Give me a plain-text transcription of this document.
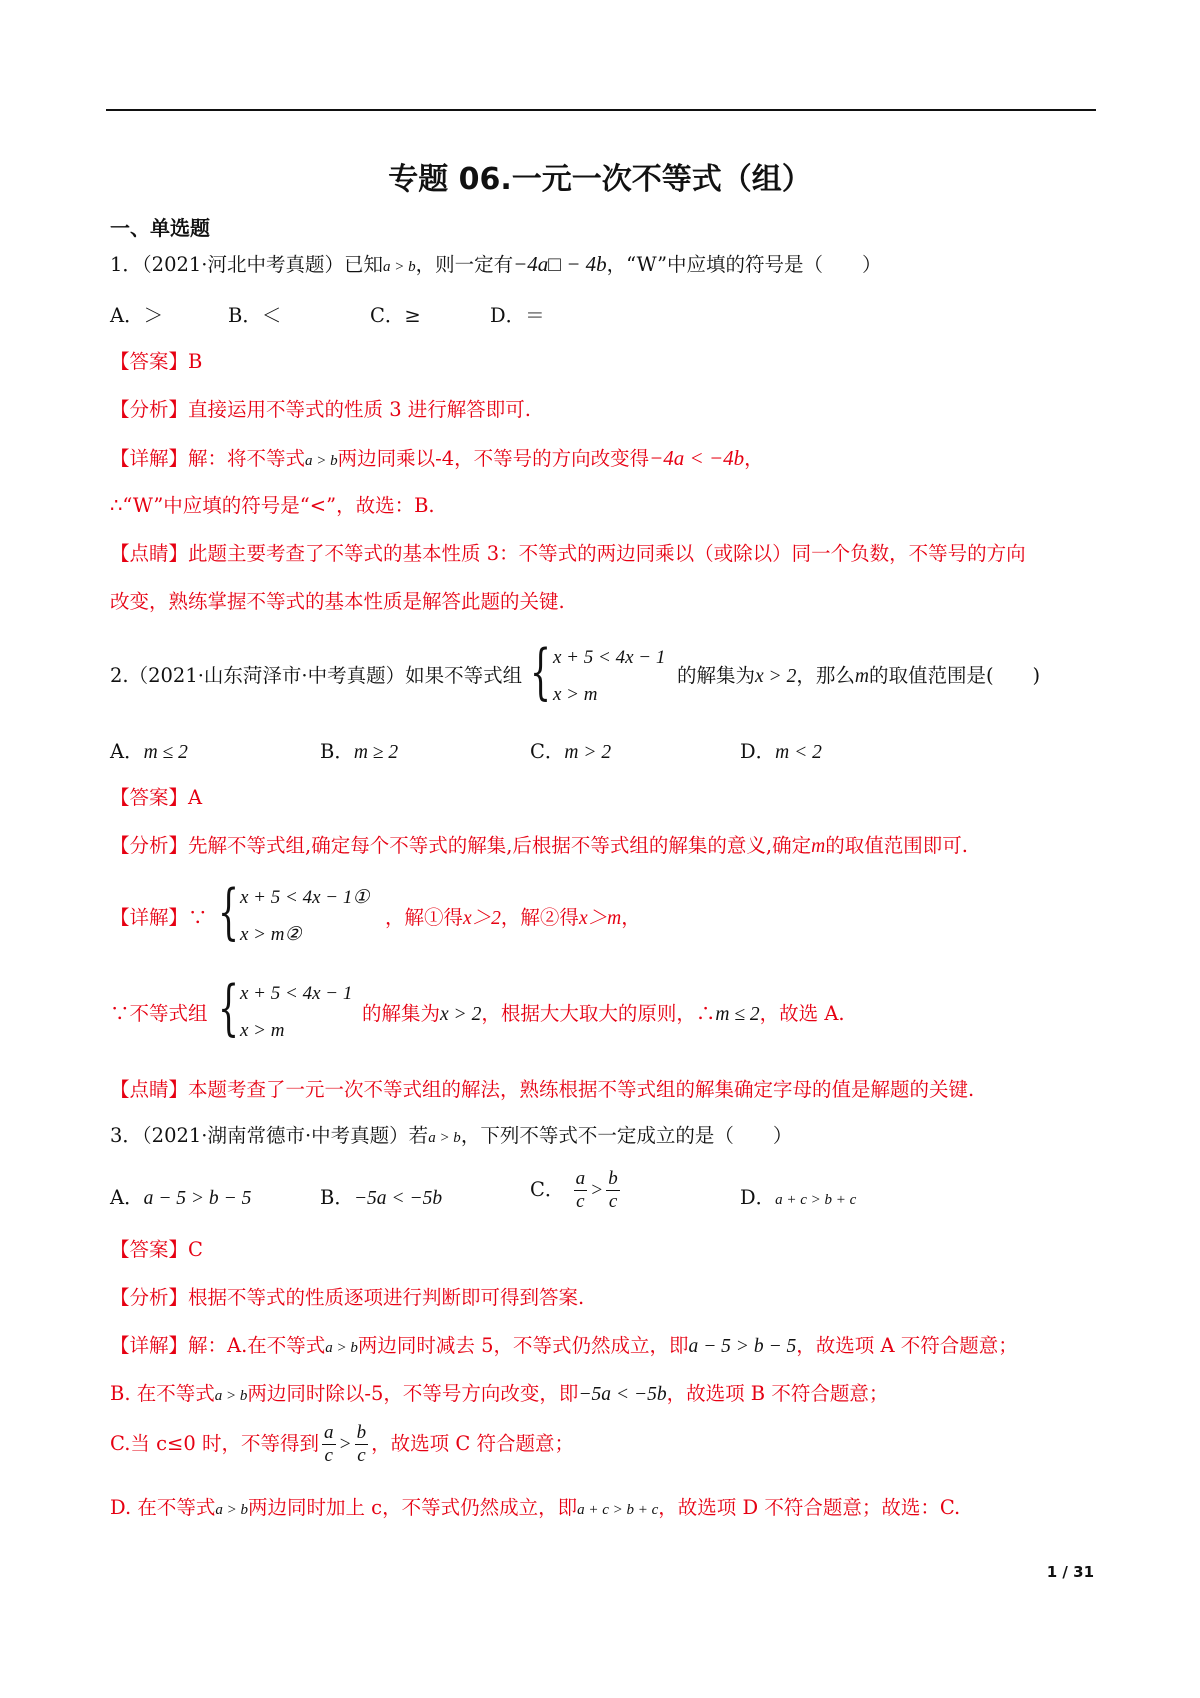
专题 06.一元一次不等式（组）
一、单选题
1．（2021·河北中考真题）已知a > b，则一定有−4a□ − 4b，“W”中应填的符号是（　　）
A．＞	B．＜	C．≥	D．＝
【答案】B
【分析】直接运用不等式的性质 3 进行解答即可.
【详解】解：将不等式a > b两边同乘以-4，不等号的方向改变得−4a < −4b，
∴“W”中应填的符号是“<”，故选：B.
【点睛】此题主要考查了不等式的基本性质 3：不等式的两边同乘以（或除以）同一个负数，不等号的方向
改变，熟练掌握不等式的基本性质是解答此题的关键.
2.（2021·山东菏泽市·中考真题）如果不等式组 { x + 5 < 4x − 1
x > m
的解集为x > 2，那么m的取值范围是(　　)
A．m ≤ 2	B．m ≥ 2	C．m > 2	D．m < 2
【答案】A
【分析】先解不等式组,确定每个不等式的解集,后根据不等式组的解集的意义,确定m的取值范围即可.
【详解】∵ { x + 5 < 4x − 1①
x > m②
，解①得x＞2，解②得x＞m，
∵不等式组 { x + 5 < 4x − 1
x > m
的解集为x > 2，根据大大取大的原则，∴m ≤ 2，故选 A.
【点睛】本题考查了一元一次不等式组的解法，熟练根据不等式组的解集确定字母的值是解题的关键.
3．（2021·湖南常德市·中考真题）若a > b，下列不等式不一定成立的是（　　）
A．a − 5 > b − 5	B．−5a < −5b	C． $\frac{a}{c} > \frac{b}{c}$	D．a + c > b + c
【答案】C
【分析】根据不等式的性质逐项进行判断即可得到答案.
【详解】解：A.在不等式a > b两边同时减去 5，不等式仍然成立，即a − 5 > b − 5，故选项 A 不符合题意；
B. 在不等式a > b两边同时除以-5，不等号方向改变，即−5a < −5b，故选项 B 不符合题意；
C.当 c≤0 时，不等得到 $\frac{a}{c} > \frac{b}{c}$ ，故选项 C 符合题意；
D. 在不等式a > b两边同时加上 c，不等式仍然成立，即a + c > b + c，故选项 D 不符合题意；故选：C.
1 / 31
